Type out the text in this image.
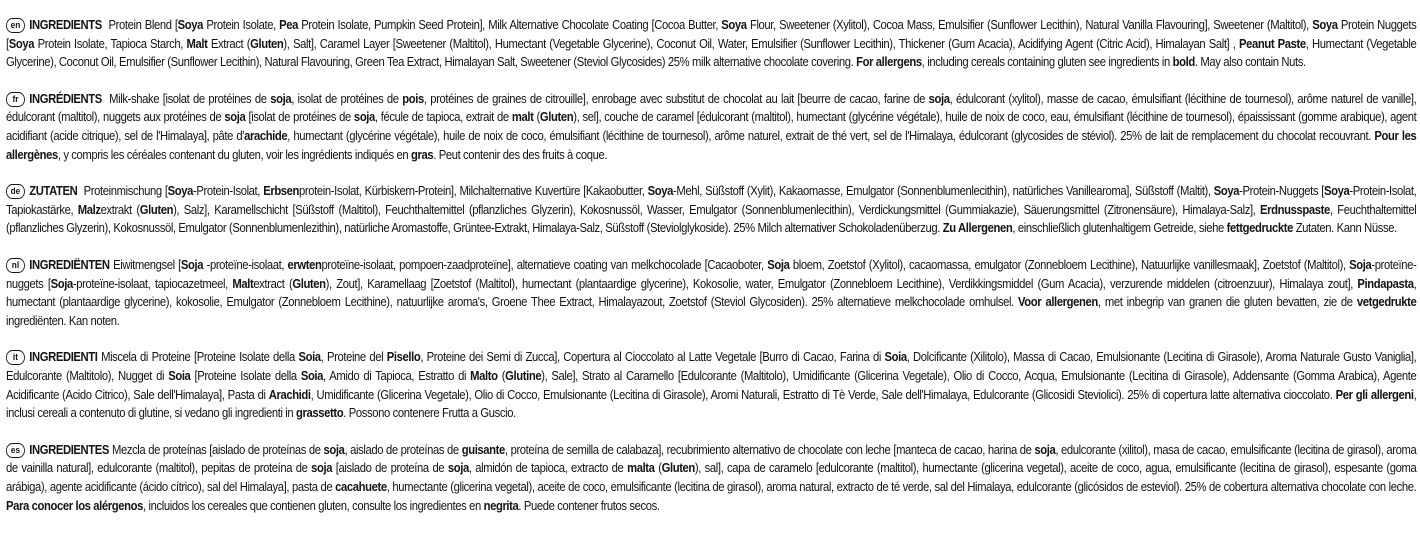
en INGREDIENTS Protein Blend [Soya Protein Isolate, Pea Protein Isolate, Pumpkin Seed Protein], Milk Alternative Chocolate Coating [Cocoa Butter, Soya Flour, Sweetener (Xylitol), Cocoa Mass, Emulsifier (Sunflower Lecithin), Natural Vanilla Flavouring], Sweetener (Maltitol), Soya Protein Nuggets [Soya Protein Isolate, Tapioca Starch, Malt Extract (Gluten), Salt], Caramel Layer [Sweetener (Maltitol), Humectant (Vegetable Glycerine), Coconut Oil, Water, Emulsifier (Sunflower Lecithin), Thickener (Gum Acacia), Acidifying Agent (Citric Acid), Himalayan Salt] , Peanut Paste, Humectant (Vegetable Glycerine), Coconut Oil, Emulsifier (Sunflower Lecithin), Natural Flavouring, Green Tea Extract, Himalayan Salt, Sweetener (Steviol Glycosides) 25% milk alternative chocolate covering. For allergens, including cereals containing gluten see ingredients in bold. May also contain Nuts.

fr INGRÉDIENTS Milk-shake [isolat de protéines de soja, isolat de protéines de pois, protéines de graines de citrouille], enrobage avec substitut de chocolat au lait [beurre de cacao, farine de soja, édulcorant (xylitol), masse de cacao, émulsifiant (lécithine de tournesol), arôme naturel de vanille], édulcorant (maltitol), nuggets aux protéines de soja [isolat de protéines de soja, fécule de tapioca, extrait de malt (Gluten), sel], couche de caramel [édulcorant (maltitol), humectant (glycérine végétale), huile de noix de coco, eau, émulsifiant (lécithine de tournesol), épaississant (gomme arabique), agent acidifiant (acide citrique), sel de l'Himalaya], pâte d'arachide, humectant (glycérine végétale), huile de noix de coco, émulsifiant (lécithine de tournesol), arôme naturel, extrait de thé vert, sel de l'Himalaya, édulcorant (glycosides de stéviol). 25% de lait de remplacement du chocolat recouvrant. Pour les allergènes, y compris les céréales contenant du gluten, voir les ingrédients indiqués en gras. Peut contenir des des fruits à coque.

de ZUTATEN Proteinmischung [Soya-Protein-Isolat, Erbsenprotein-Isolat, Kürbiskern-Protein], Milchalternative Kuvertüre [Kakaobutter, Soya-Mehl, Süßstoff (Xylit), Kakaomasse, Emulgator (Sonnenblumenlecithin), natürliches Vanillearoma], Süßstoff (Maltit), Soya-Protein-Nuggets [Soya-Protein-Isolat, Tapiokastärke, Malzextrakt (Gluten), Salz], Karamellschicht [Süßstoff (Maltitol), Feuchthaltemittel (pflanzliches Glyzerin), Kokosnussöl, Wasser, Emulgator (Sonnenblumenlecithin), Verdickungsmittel (Gummiakazie), Säuerungsmittel (Zitronensäure), Himalaya-Salz], Erdnusspaste, Feuchthaltemittel (pflanzliches Glyzerin), Kokosnussöl, Emulgator (Sonnenblumenlezithin), natürliche Aromastoffe, Grüntee-Extrakt, Himalaya-Salz, Süßstoff (Steviolglykoside). 25% Milch alternativer Schokoladenüberzug. Zu Allergenen, einschließlich glutenhaltigem Getreide, siehe fettgedruckte Zutaten. Kann Nüsse.

nl INGREDIËNTEN Eiwitmengsel [Soja -proteïne-isolaat, erwtenproteïne-isolaat, pompoen-zaadproteïne], alternatieve coating van melkchocolade [Cacaoboter, Soja bloem, Zoetstof (Xylitol), cacaomassa, emulgator (Zonnebloem Lecithine), Natuurlijke vanillesmaak], Zoetstof (Maltitol), Soja-proteïne-nuggets [Soja-proteïne-isolaat, tapiocazetmeel, Maltextract (Gluten), Zout], Karamellaag [Zoetstof (Maltitol), humectant (plantaardige glycerine), Kokosolie, water, Emulgator (Zonnebloem Lecithine), Verdikkingsmiddel (Gum Acacia), verzurende middelen (citroenzuur), Himalaya zout], Pindapasta, humectant (plantaardige glycerine), kokosolie, Emulgator (Zonnebloem Lecithine), natuurlijke aroma's, Groene Thee Extract, Himalayazout, Zoetstof (Steviol Glycosiden). 25% alternatieve melkchocolade omhulsel. Voor allergenen, met inbegrip van granen die gluten bevatten, zie de vetgedrukte ingrediënten. Kan noten.

it INGREDIENTI Miscela di Proteine [Proteine Isolate della Soia, Proteine del Pisello, Proteine dei Semi di Zucca], Copertura al Cioccolato al Latte Vegetale [Burro di Cacao, Farina di Soia, Dolcificante (Xilitolo), Massa di Cacao, Emulsionante (Lecitina di Girasole), Aroma Naturale Gusto Vaniglia], Edulcorante (Maltitolo), Nugget di Soia [Proteine Isolate della Soia, Amido di Tapioca, Estratto di Malto (Glutine), Sale], Strato al Caramello [Edulcorante (Maltitolo), Umidificante (Glicerina Vegetale), Olio di Cocco, Acqua, Emulsionante (Lecitina di Girasole), Addensante (Gomma Arabica), Agente Acidificante (Acido Citrico), Sale dell'Himalaya], Pasta di Arachidi, Umidificante (Glicerina Vegetale), Olio di Cocco, Emulsionante (Lecitina di Girasole), Aromi Naturali, Estratto di Tè Verde, Sale dell'Himalaya, Edulcorante (Glicosidi Steviolici). 25% di copertura latte alternativa cioccolato. Per gli allergeni, inclusi cereali a contenuto di glutine, si vedano gli ingredienti in grassetto. Possono contenere Frutta a Guscio.

es INGREDIENTES Mezcla de proteínas [aislado de proteínas de soja, aislado de proteínas de guisante, proteína de semilla de calabaza], recubrimiento alternativo de chocolate con leche [manteca de cacao, harina de soja, edulcorante (xilitol), masa de cacao, emulsificante (lecitina de girasol), aroma de vainilla natural], edulcorante (maltitol), pepitas de proteína de soja [aislado de proteína de soja, almidón de tapioca, extracto de malta (Gluten), sal], capa de caramelo [edulcorante (maltitol), humectante (glicerina vegetal), aceite de coco, agua, emulsificante (lecitina de girasol), espesante (goma arábiga), agente acidificante (ácido cítrico), sal del Himalaya], pasta de cacahuete, humectante (glicerina vegetal), aceite de coco, emulsificante (lecitina de girasol), aroma natural, extracto de té verde, sal del Himalaya, edulcorante (glicósidos de esteviol). 25% de cobertura alternativa chocolate con leche. Para conocer los alérgenos, incluidos los cereales que contienen gluten, consulte los ingredientes en negrita. Puede contener frutos secos.
